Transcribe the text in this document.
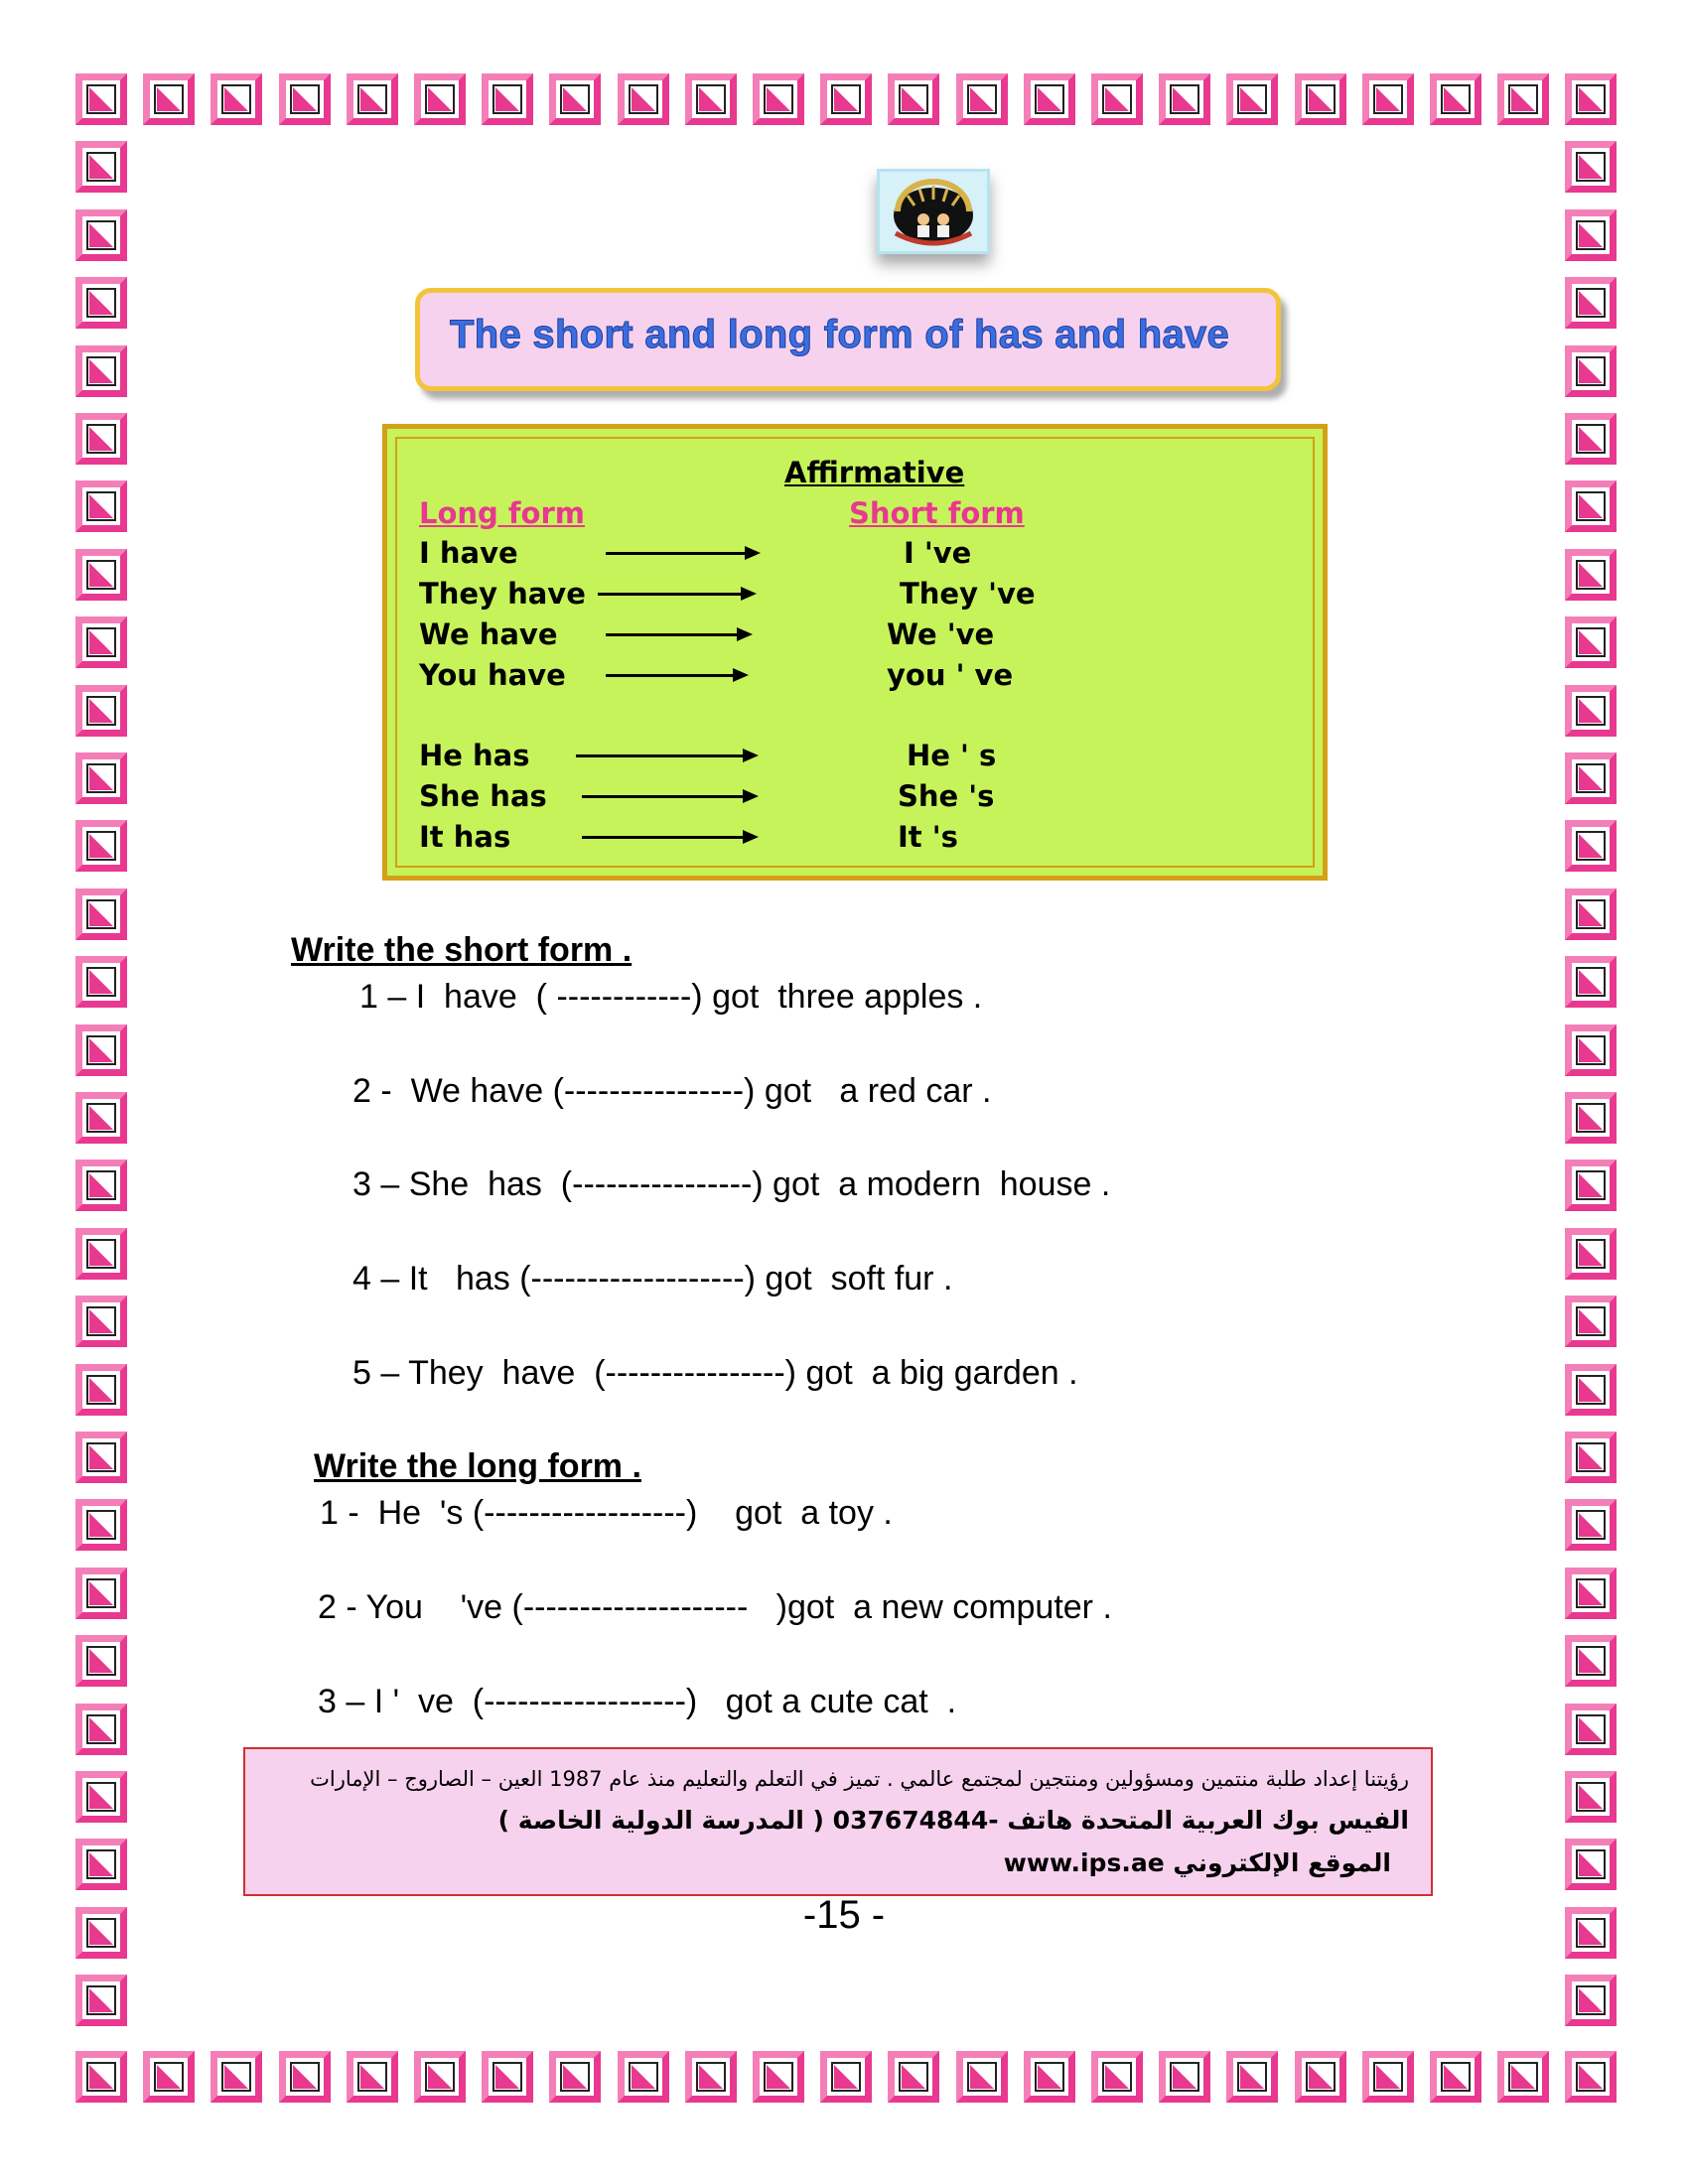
The short and long form of has and have
Affirmative
Long form	Short form
I have	I 've
They have	They 've
We have	We 've
You have	you ' ve
He has	He ' s
She has	She 's
It has	It 's
Write the short form .
1 – I  have  ( ------------) got  three apples .
2 -  We have (----------------) got   a red car .
3 – She  has  (----------------) got  a modern  house .
4 – It   has (-------------------) got  soft fur .
5 – They  have  (----------------) got  a big garden .
Write the long form .
1 -  He  's (------------------)    got  a toy .
2 - You    've (--------------------   )got  a new computer .
3 – I '  ve  (------------------)   got a cute cat  .
رؤيتنا إعداد طلبة منتمين ومسؤولين ومنتجين لمجتمع عالمي . تميز في التعلم والتعليم منذ عام 1987 العين – الصاروج – الإمارات
الفيس بوك العربية المتحدة هاتف -037674844 ( المدرسة الدولية الخاصة )
الموقع الإلكتروني www.ips.ae
-15 -
